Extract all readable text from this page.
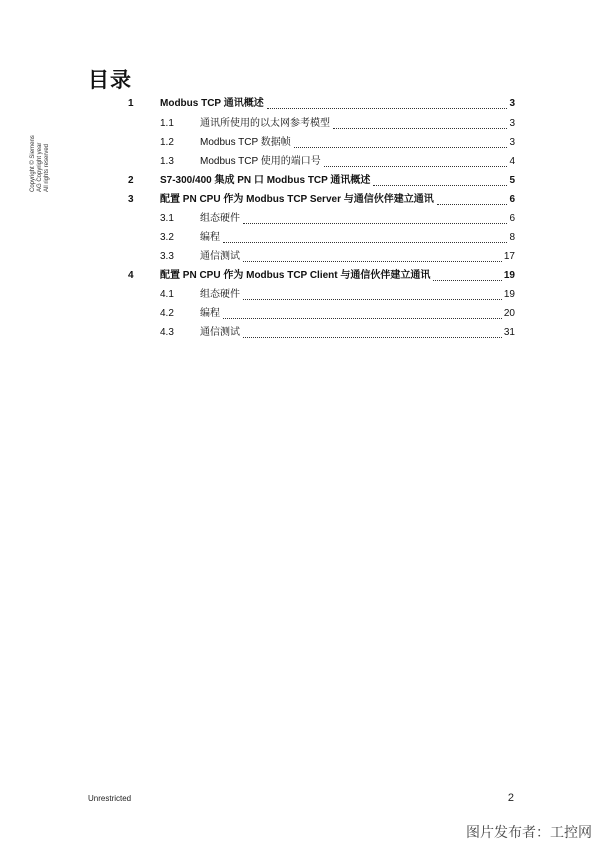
目录
Copyright © Siemens AG Copyright year All rights reserved
1	Modbus TCP 通讯概述	3
1.1	通讯所使用的以太网参考模型	3
1.2	Modbus TCP 数据帧	3
1.3	Modbus TCP 使用的端口号	4
2	S7-300/400 集成 PN 口 Modbus TCP 通讯概述	5
3	配置 PN CPU 作为 Modbus TCP Server 与通信伙伴建立通讯	6
3.1	组态硬件	6
3.2	编程	8
3.3	通信测试	17
4	配置 PN CPU 作为 Modbus TCP Client 与通信伙伴建立通讯	19
4.1	组态硬件	19
4.2	编程	20
4.3	通信测试	31
Unrestricted	2
图片发布者：工控网
